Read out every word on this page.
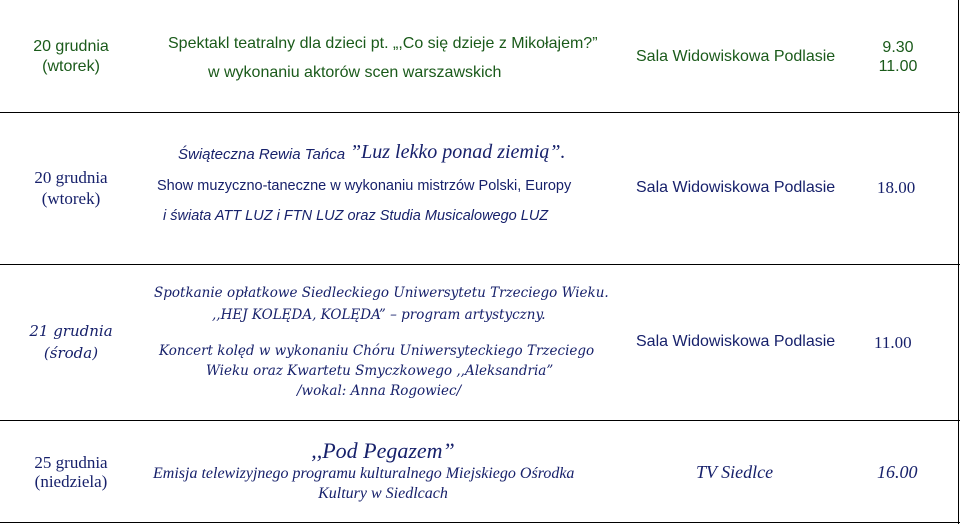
20 grudnia
(wtorek)
Spektakl teatralny dla dzieci pt. „,Co się dzieje z Mikołajem?”
w wykonaniu aktorów scen warszawskich
Sala Widowiskowa Podlasie
9.30
11.00
20 grudnia
(wtorek)
Świąteczna Rewia Tańca ”Luz lekko ponad ziemią”.
Show muzyczno-taneczne w wykonaniu mistrzów Polski, Europy
i świata ATT LUZ i FTN LUZ oraz Studia Musicalowego LUZ
Sala Widowiskowa Podlasie 18.00
21 grudnia
(środa)
Spotkanie opłatkowe Siedleckiego Uniwersytetu Trzeciego Wieku.
,,HEJ KOLĘDA, KOLĘDA” – program artystyczny.
Koncert kolęd w wykonaniu Chóru Uniwersyteckiego Trzeciego
Wieku oraz Kwartetu Smyczkowego ,,Aleksandria”
/wokal: Anna Rogowiec/
Sala Widowiskowa Podlasie 11.00
25 grudnia
(niedziela)
,,Pod Pegazem”
Emisja telewizyjnego programu kulturalnego Miejskiego Ośrodka
Kultury w Siedlcach
TV Siedlce	16.00
